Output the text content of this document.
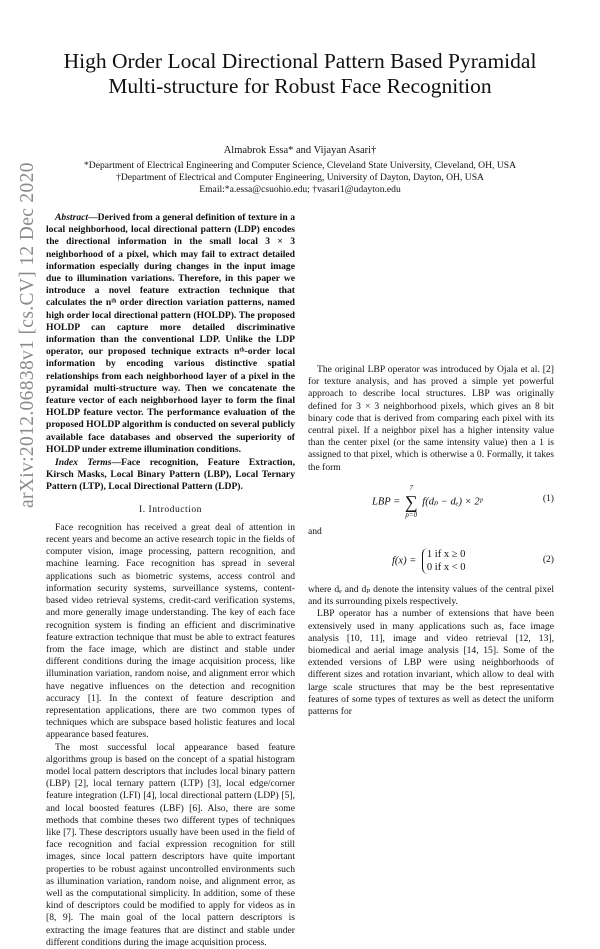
High Order Local Directional Pattern Based Pyramidal Multi-structure for Robust Face Recognition
Almabrok Essa* and Vijayan Asari†
*Department of Electrical Engineering and Computer Science, Cleveland State University, Cleveland, OH, USA
†Department of Electrical and Computer Engineering, University of Dayton, Dayton, OH, USA
Email:*a.essa@csuohio.edu; †vasari1@udayton.edu
arXiv:2012.06838v1 [cs.CV] 12 Dec 2020	Abstract—Derived from a general definition of texture in a local neighborhood, local directional pattern (LDP) encodes the directional information in the small local 3 × 3 neighborhood of a pixel, which may fail to extract detailed information especially during changes in the input image due to illumination variations. Therefore, in this paper we introduce a novel feature extraction technique that calculates the nᵗʰ order direction variation patterns, named high order local directional pattern (HOLDP). The proposed HOLDP can capture more detailed discriminative information than the conventional LDP. Unlike the LDP operator, our proposed technique extracts nᵗʰ-order local information by encoding various distinctive spatial relationships from each neighborhood layer of a pixel in the pyramidal multi-structure way. Then we concatenate the feature vector of each neighborhood layer to form the final HOLDP feature vector. The performance evaluation of the proposed HOLDP algorithm is conducted on several publicly available face databases and observed the superiority of HOLDP under extreme illumination conditions.

Index Terms—Face recognition, Feature Extraction, Kirsch Masks, Local Binary Pattern (LBP), Local Ternary Pattern (LTP), Local Directional Pattern (LDP).

I. Introduction

Face recognition has received a great deal of attention in recent years and become an active research topic in the fields of computer vision, image processing, pattern recognition, and machine learning. Face recognition has spread in several applications such as biometric systems, access control and information security systems, surveillance systems, content-based video retrieval systems, credit-card verification systems, and more generally image understanding. The key of each face recognition system is finding an efficient and discriminative feature extraction technique that must be able to extract features from the face image, which are distinct and stable under different conditions during the image acquisition process, like illumination variation, random noise, and alignment error which have negative influences on the detection and recognition accuracy [1]. In the context of feature description and representation applications, there are two common types of techniques which are subspace based holistic features and local appearance based features.

The most successful local appearance based feature algorithms group is based on the concept of a spatial histogram model local pattern descriptors that includes local binary pattern (LBP) [2], local ternary pattern (LTP) [3], local edge/corner feature integration (LFI) [4], local directional pattern (LDP) [5], and local boosted features (LBF) [6]. Also, there are some methods that combine theses two different types of techniques like [7]. These descriptors usually have been used in the field of face recognition and facial expression recognition for still images, since local pattern descriptors have quite important properties to be robust against uncontrolled environments such as illumination variation, random noise, and alignment error, as well as the computational simplicity. In addition, some of these kind of descriptors could be modified to apply for videos as in [8, 9]. The main goal of the local pattern descriptors is extracting the image features that are distinct and stable under different conditions during the image acquisition process.

The original LBP operator was introduced by Ojala et al. [2] for texture analysis, and has proved a simple yet powerful approach to describe local structures. LBP was originally defined for 3 × 3 neighborhood pixels, which gives an 8 bit binary code that is derived from comparing each pixel with its central pixel. If a neighbor pixel has a higher intensity value than the center pixel (or the same intensity value) then a 1 is assigned to that pixel, which is otherwise a 0. Formally, it takes the form

LBP =
7
∑
p=0
f(dₚ − dₑ) × 2ᵖ	(1)

and

f(x) =
1 if x ≥ 0
0 if x < 0
(2)

where dₑ and dₚ denote the intensity values of the central pixel and its surrounding pixels respectively.

LBP operator has a number of extensions that have been extensively used in many applications such as, face image analysis [10, 11], image and video retrieval [12, 13], biomedical and aerial image analysis [14, 15]. Some of the extended versions of LBP were using neighborhoods of different sizes and rotation invariant, which allow to deal with large scale structures that may be the best representative features of some types of textures as well as detect the uniform patterns for
